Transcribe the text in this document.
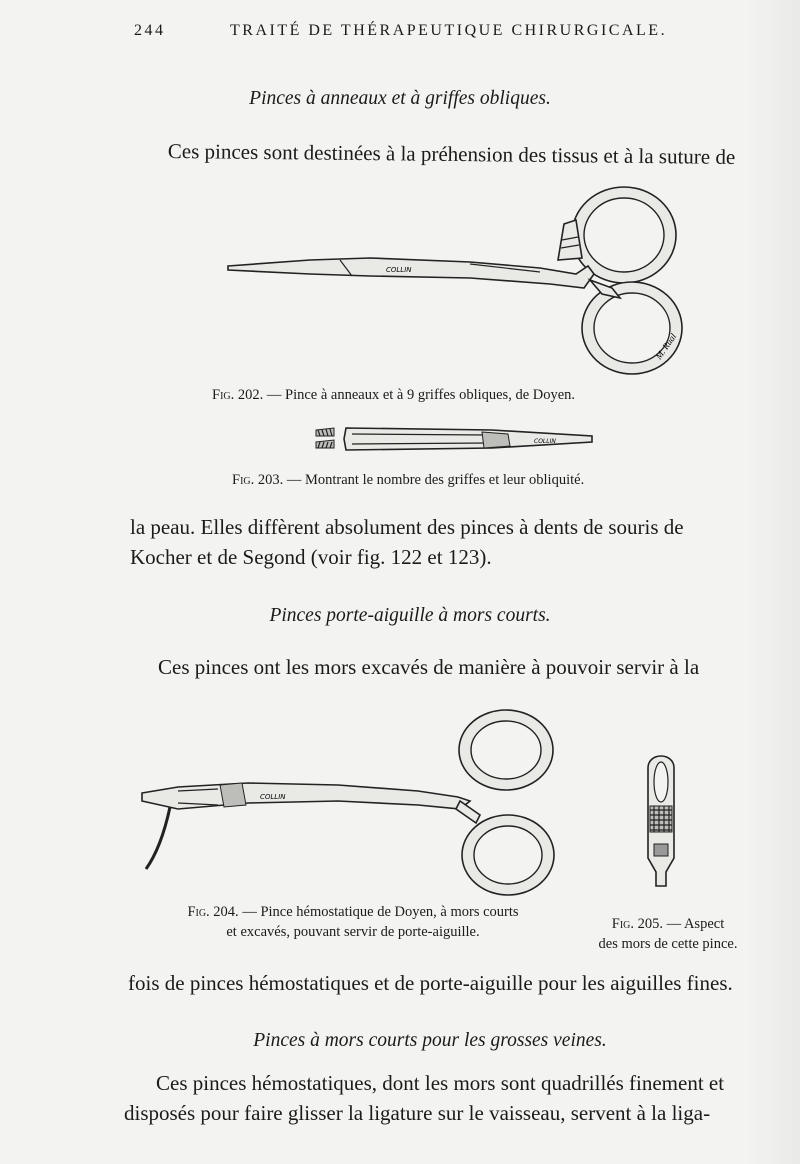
244	TRAITÉ DE THÉRAPEUTIQUE CHIRURGICALE.
Pinces à anneaux et à griffes obliques.
Ces pinces sont destinées à la préhension des tissus et à la suture de
COLLIN
M. Rual
Fig. 202. — Pince à anneaux et à 9 griffes obliques, de Doyen.
COLLIN
Fig. 203. — Montrant le nombre des griffes et leur obliquité.
la peau. Elles diffèrent absolument des pinces à dents de souris de
Kocher et de Segond (voir fig. 122 et 123).
Pinces porte-aiguille à mors courts.
Ces pinces ont les mors excavés de manière à pouvoir servir à la
COLLIN
Fig. 204. — Pince hémostatique de Doyen, à mors courts
et excavés, pouvant servir de porte-aiguille.	Fig. 205. — Aspect
des mors de cette pince.
fois de pinces hémostatiques et de porte-aiguille pour les aiguilles fines.
Pinces à mors courts pour les grosses veines.
Ces pinces hémostatiques, dont les mors sont quadrillés finement et
disposés pour faire glisser la ligature sur le vaisseau, servent à la liga-
